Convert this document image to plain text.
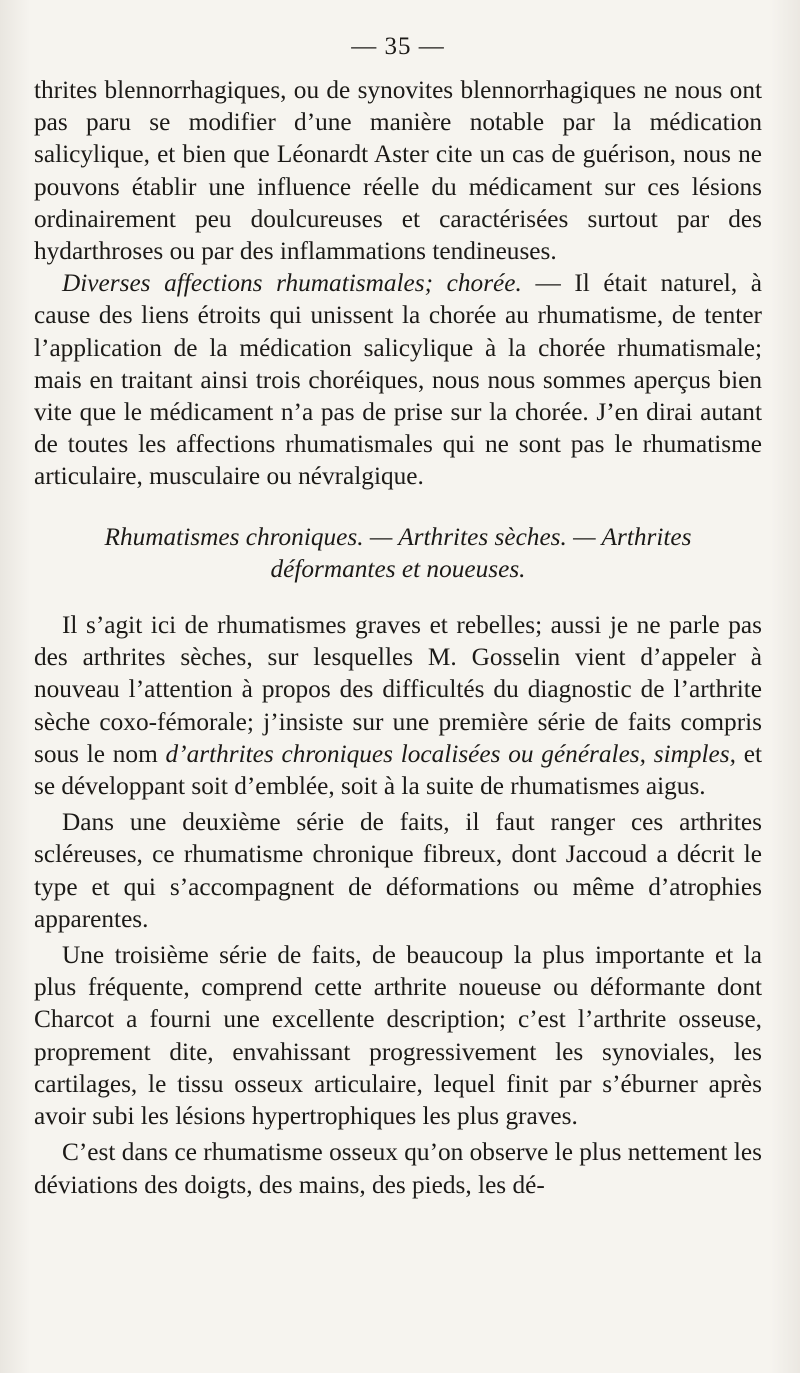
— 35 —

thrites blennorrhagiques, ou de synovites blennorrhagiques ne nous ont pas paru se modifier d’une manière notable par la médication salicylique, et bien que Léonardt Aster cite un cas de guérison, nous ne pouvons établir une influence réelle du médicament sur ces lésions ordinairement peu doulcureuses et caractérisées surtout par des hydarthroses ou par des inflammations tendineuses.

Diverses affections rhumatismales; chorée. — Il était naturel, à cause des liens étroits qui unissent la chorée au rhumatisme, de tenter l’application de la médication salicylique à la chorée rhumatismale; mais en traitant ainsi trois choréiques, nous nous sommes aperçus bien vite que le médicament n’a pas de prise sur la chorée. J’en dirai autant de toutes les affections rhumatismales qui ne sont pas le rhumatisme articulaire, musculaire ou névralgique.

Rhumatismes chroniques. — Arthrites sèches. — Arthrites
déformantes et noueuses.

Il s’agit ici de rhumatismes graves et rebelles; aussi je ne parle pas des arthrites sèches, sur lesquelles M. Gosselin vient d’appeler à nouveau l’attention à propos des difficultés du diagnostic de l’arthrite sèche coxo-fémorale; j’insiste sur une première série de faits compris sous le nom d’arthrites chroniques localisées ou générales, simples, et se développant soit d’emblée, soit à la suite de rhumatismes aigus.

Dans une deuxième série de faits, il faut ranger ces arthrites scléreuses, ce rhumatisme chronique fibreux, dont Jaccoud a décrit le type et qui s’accompagnent de déformations ou même d’atrophies apparentes.

Une troisième série de faits, de beaucoup la plus importante et la plus fréquente, comprend cette arthrite noueuse ou déformante dont Charcot a fourni une excellente description; c’est l’arthrite osseuse, proprement dite, envahissant progressivement les synoviales, les cartilages, le tissu osseux articulaire, lequel finit par s’éburner après avoir subi les lésions hypertrophiques les plus graves.

C’est dans ce rhumatisme osseux qu’on observe le plus nettement les déviations des doigts, des mains, des pieds, les dé-
